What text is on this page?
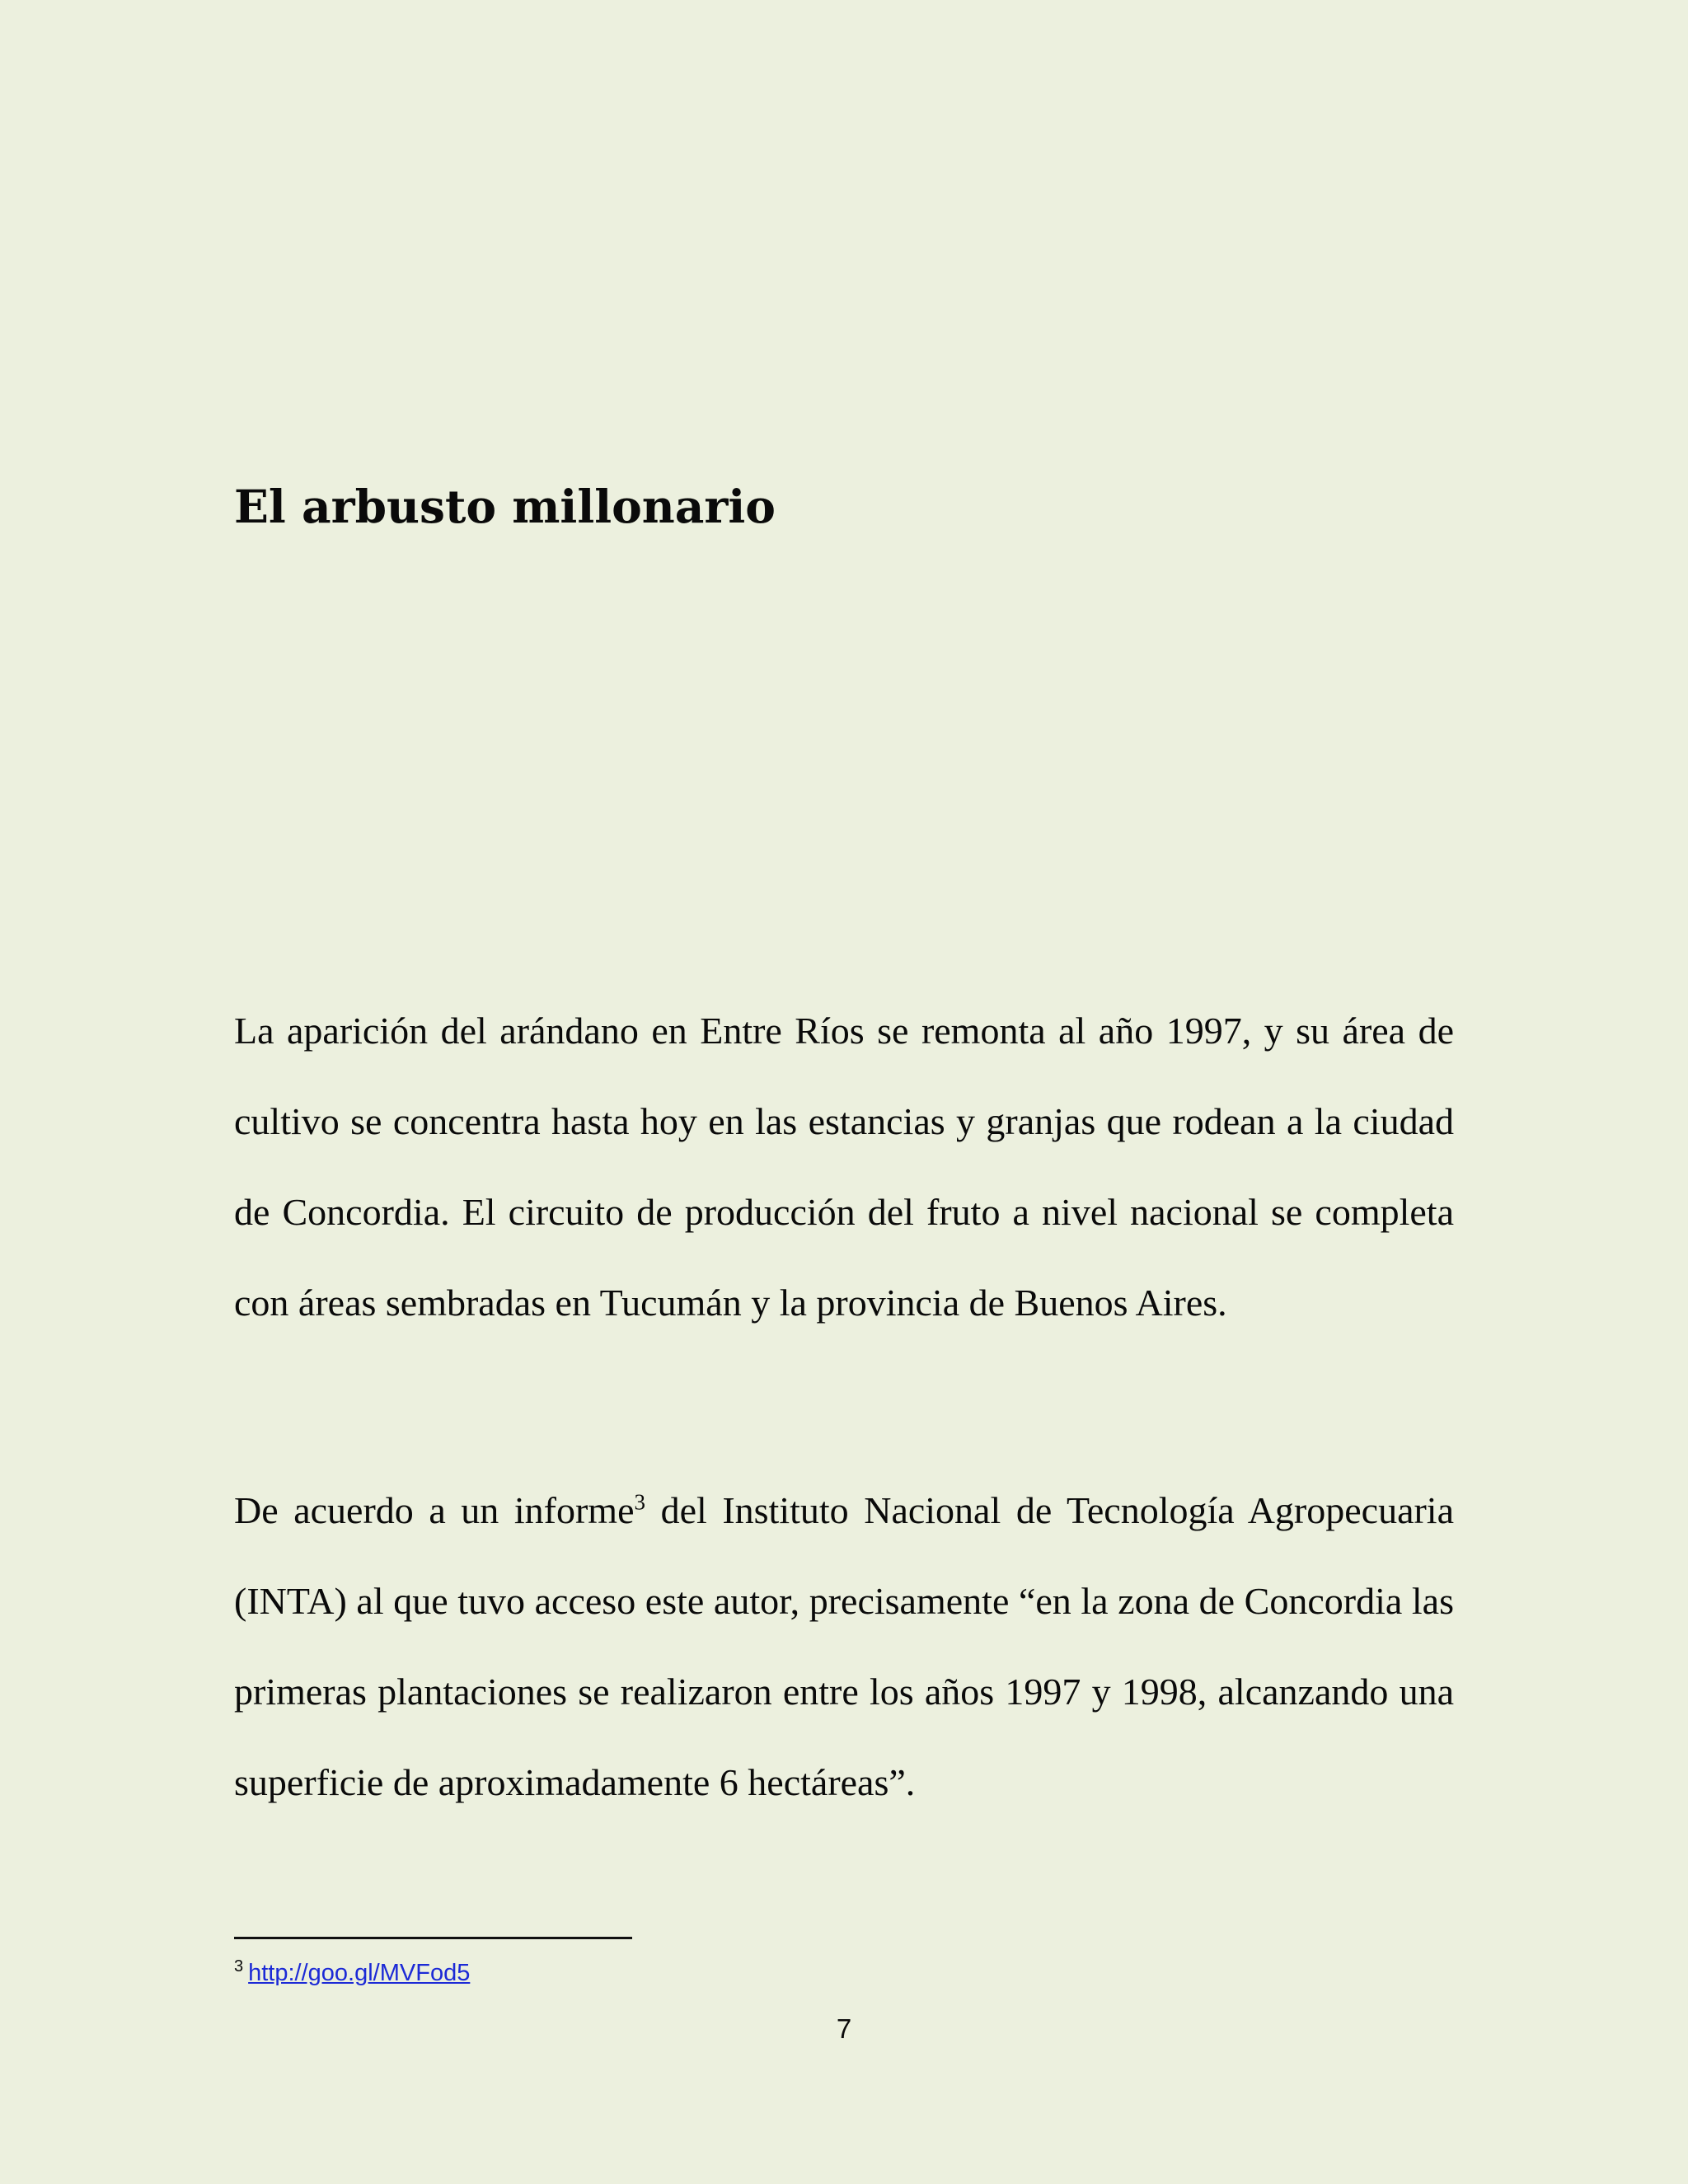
El arbusto millonario

La aparición del arándano en Entre Ríos se remonta al año 1997, y su área de cultivo se concentra hasta hoy en las estancias y granjas que rodean a la ciudad de Concordia. El circuito de producción del fruto a nivel nacional se completa con áreas sembradas en Tucumán y la provincia de Buenos Aires.

De acuerdo a un informe$^3$ del Instituto Nacional de Tecnología Agropecuaria (INTA) al que tuvo acceso este autor, precisamente “en la zona de Concordia las primeras plantaciones se realizaron entre los años 1997 y 1998, alcanzando una superficie de aproximadamente 6 hectáreas”.

$^3$ http://goo.gl/MVFod5
7
